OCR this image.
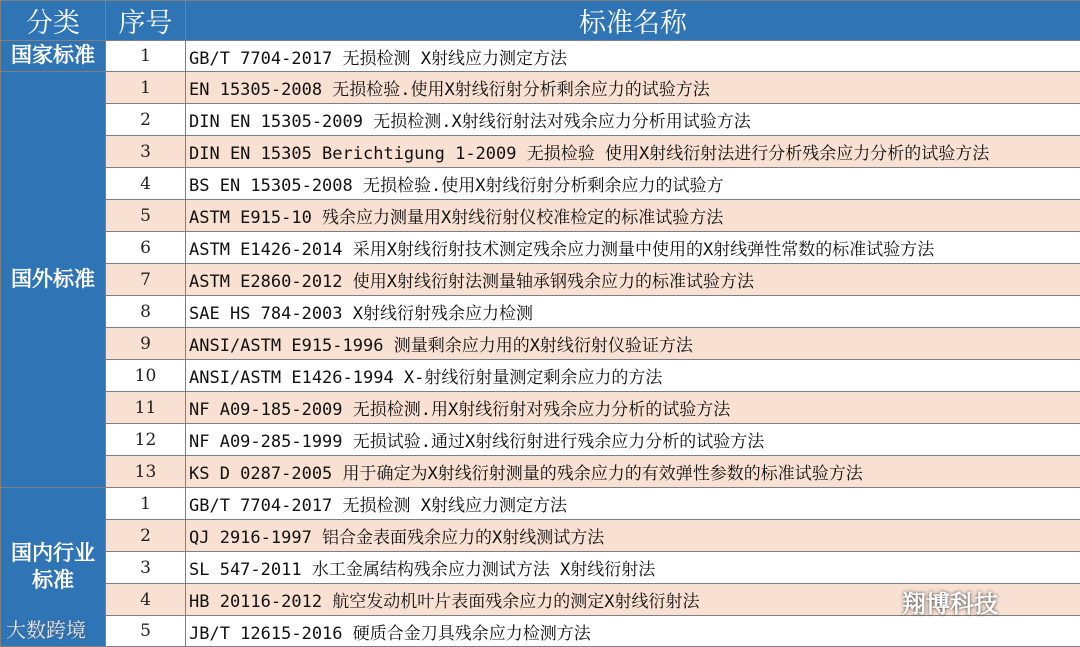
分类	序号	标准名称
国家标准	1	GB/T 7704-2017 无损检测 X射线应力测定方法
国外标准	1	EN 15305-2008 无损检验.使用X射线衍射分析剩余应力的试验方法
	2	DIN EN 15305-2009 无损检测.X射线衍射法对残余应力分析用试验方法
	3	DIN EN 15305 Berichtigung 1-2009 无损检验 使用X射线衍射法进行分析残余应力分析的试验方法
	4	BS EN 15305-2008 无损检验.使用X射线衍射分析剩余应力的试验方
	5	ASTM E915-10 残余应力测量用X射线衍射仪校准检定的标准试验方法
	6	ASTM E1426-2014 采用X射线衍射技术测定残余应力测量中使用的X射线弹性常数的标准试验方法
	7	ASTM E2860-2012 使用X射线衍射法测量轴承钢残余应力的标准试验方法
	8	SAE HS 784-2003 X射线衍射残余应力检测
	9	ANSI/ASTM E915-1996 测量剩余应力用的X射线衍射仪验证方法
	10	ANSI/ASTM E1426-1994 X-射线衍射量测定剩余应力的方法
	11	NF A09-185-2009 无损检测.用X射线衍射对残余应力分析的试验方法
	12	NF A09-285-1999 无损试验.通过X射线衍射进行残余应力分析的试验方法
	13	KS D 0287-2005 用于确定为X射线衍射测量的残余应力的有效弹性参数的标准试验方法
国内行业标准	1	GB/T 7704-2017 无损检测 X射线应力测定方法
	2	QJ 2916-1997 铝合金表面残余应力的X射线测试方法
	3	SL 547-2011 水工金属结构残余应力测试方法 X射线衍射法
	4	HB 20116-2012 航空发动机叶片表面残余应力的测定X射线衍射法
	5	JB/T 12615-2016 硬质合金刀具残余应力检测方法
大数跨境
翔博科技
